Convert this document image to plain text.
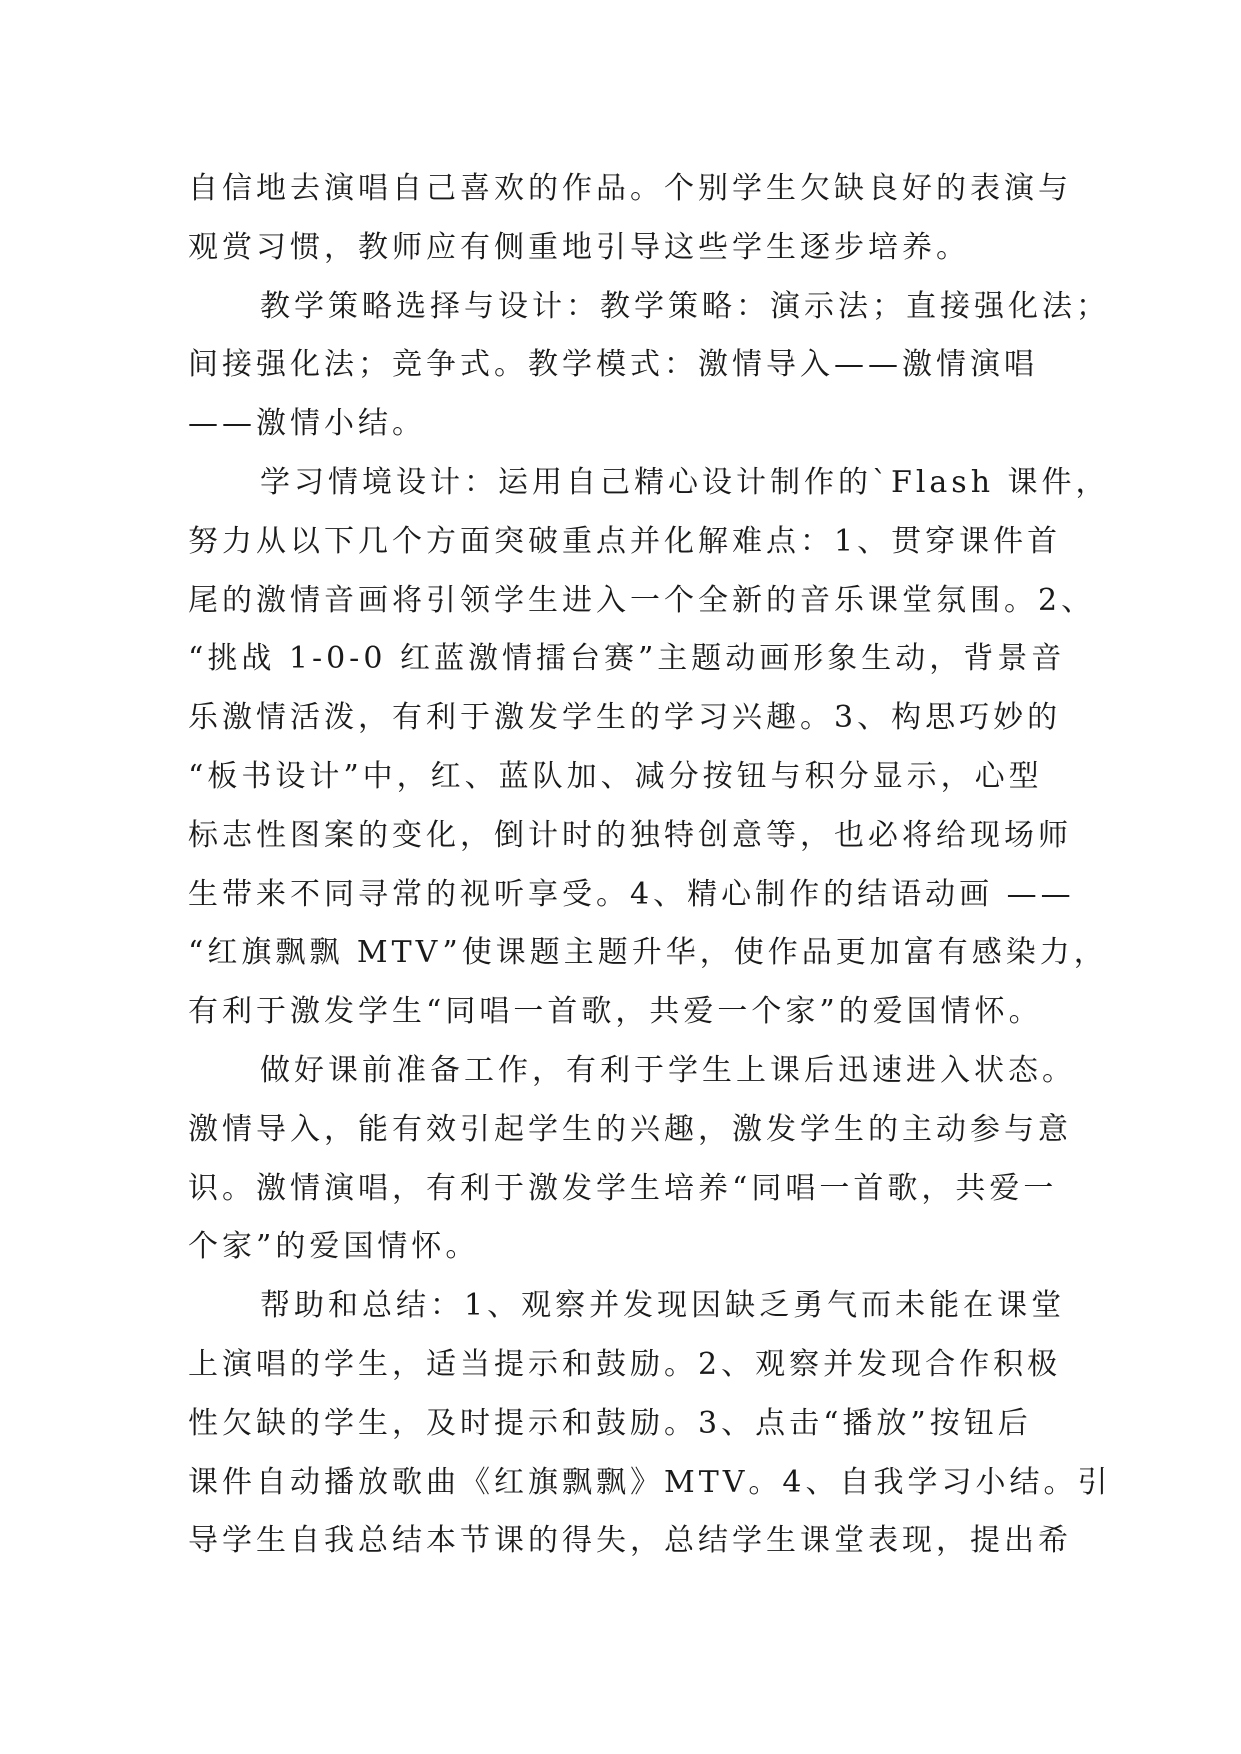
自信地去演唱自己喜欢的作品。个别学生欠缺良好的表演与
观赏习惯，教师应有侧重地引导这些学生逐步培养。
教学策略选择与设计：教学策略：演示法；直接强化法；
间接强化法；竞争式。教学模式：激情导入——激情演唱
——激情小结。
学习情境设计：运用自己精心设计制作的`Flash 课件，
努力从以下几个方面突破重点并化解难点：1、贯穿课件首
尾的激情音画将引领学生进入一个全新的音乐课堂氛围。2、
“挑战 1-0-0 红蓝激情擂台赛”主题动画形象生动，背景音
乐激情活泼，有利于激发学生的学习兴趣。3、构思巧妙的
“板书设计”中，红、蓝队加、减分按钮与积分显示，心型
标志性图案的变化，倒计时的独特创意等，也必将给现场师
生带来不同寻常的视听享受。4、精心制作的结语动画 ——
“红旗飘飘 MTV”使课题主题升华，使作品更加富有感染力，
有利于激发学生“同唱一首歌，共爱一个家”的爱国情怀。
做好课前准备工作，有利于学生上课后迅速进入状态。
激情导入，能有效引起学生的兴趣，激发学生的主动参与意
识。激情演唱，有利于激发学生培养“同唱一首歌，共爱一
个家”的爱国情怀。
帮助和总结：1、观察并发现因缺乏勇气而未能在课堂
上演唱的学生，适当提示和鼓励。2、观察并发现合作积极
性欠缺的学生，及时提示和鼓励。3、点击“播放”按钮后
课件自动播放歌曲《红旗飘飘》MTV。4、自我学习小结。引
导学生自我总结本节课的得失，总结学生课堂表现，提出希
